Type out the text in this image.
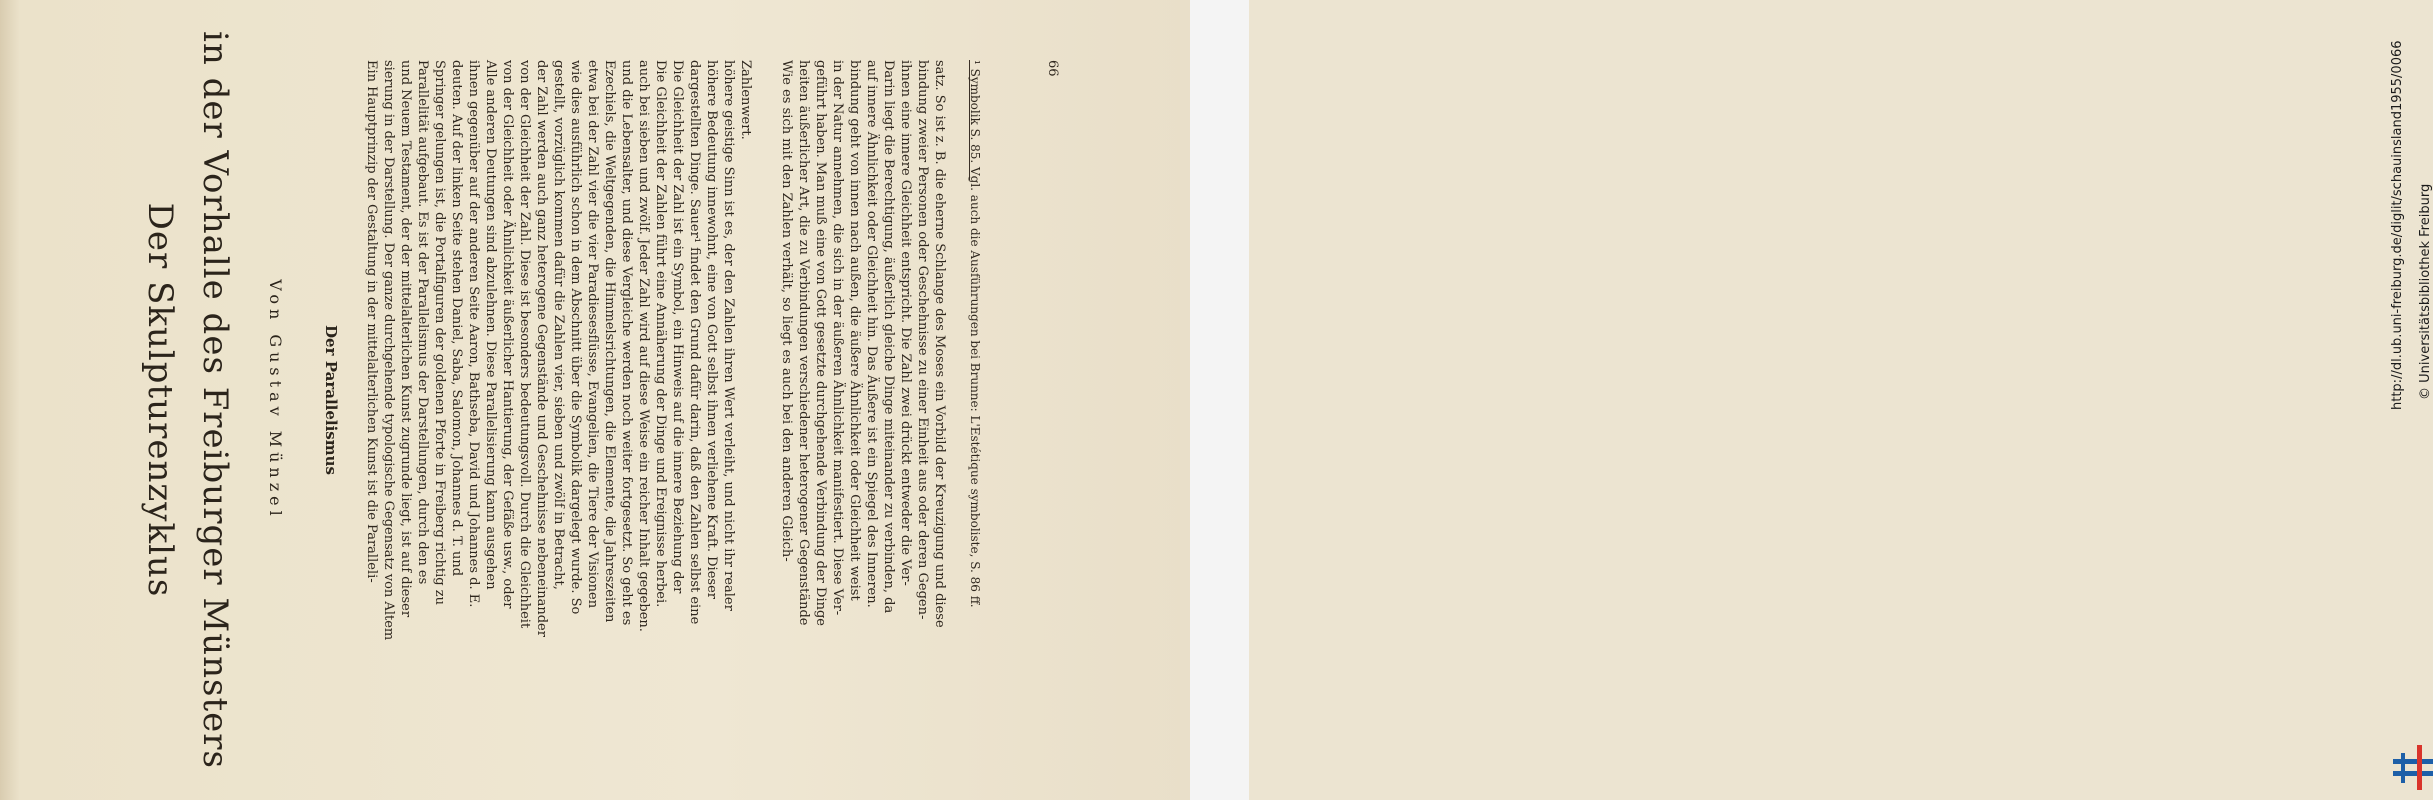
Der Skulpturenzyklus in der Vorhalle des Freiburger Münsters Von Gustav Münzel Der Parallelismus Ein Hauptprinzip der Gestaltung in der mittelalterlichen Kunst ist die Paralleli- sierung in der Darstellung. Der ganze durchgehende typologische Gegensatz von Altem und Neuem Testament, der der mittelalterlichen Kunst zugrunde liegt, ist auf dieser Parallelität aufgebaut. Es ist der Parallelismus der Darstellungen, durch den es Springer gelungen ist, die Portalfiguren der goldenen Pforte in Freiberg richtig zu deuten. Auf der linken Seite stehen Daniel, Saba, Salomon, Johannes d. T. und ihnen gegenüber auf der anderen Seite Aaron, Bathseba, David und Johannes d. E. Alle anderen Deutungen sind abzulehnen. Diese Parallelisierung kann ausgehen von der Gleichheit oder Ähnlichkeit äußerlicher Hantierung, der Gefäße usw., oder von der Gleichheit der Zahl. Diese ist besonders bedeutungsvoll. Durch die Gleichheit der Zahl werden auch ganz heterogene Gegenstände und Geschehnisse nebeneinander gestellt, vorzüglich kommen dafür die Zahlen vier, sieben und zwölf in Betracht, wie dies ausführlich schon in dem Abschnitt über die Symbolik dargelegt wurde. So etwa bei der Zahl vier die vier Paradiesesflüsse, Evangelien, die Tiere der Visionen Ezechiels, die Weltgegenden, die Himmelsrichtungen, die Elemente, die Jahreszeiten und die Lebensalter, und diese Vergleiche werden noch weiter fortgesetzt. So geht es auch bei sieben und zwölf. Jeder Zahl wird auf diese Weise ein reicher Inhalt gegeben. Die Gleichheit der Zahlen führt eine Annäherung der Dinge und Ereignisse herbei. Die Gleichheit der Zahl ist ein Symbol, ein Hinweis auf die innere Beziehung der dargestellten Dinge. Sauer¹ findet den Grund dafür darin, daß den Zahlen selbst eine höhere Bedeutung innewohnt, eine von Gott selbst ihnen verliehene Kraft. Dieser höhere geistige Sinn ist es, der den Zahlen ihren Wert verleiht, und nicht ihr realer Zahlenwert. Wie es sich mit den Zahlen verhält, so liegt es auch bei den anderen Gleich- heiten äußerlicher Art, die zu Verbindungen verschiedener heterogener Gegenstände geführt haben. Man muß eine von Gott gesetzte durchgehende Verbindung der Dinge in der Natur annehmen, die sich in der äußeren Ähnlichkeit manifestiert. Diese Ver- bindung geht von innen nach außen, die äußere Ähnlichkeit oder Gleichheit weist auf innere Ähnlichkeit oder Gleichheit hin. Das Äußere ist ein Spiegel des Inneren. Darin liegt die Berechtigung, äußerlich gleiche Dinge miteinander zu verbinden, da ihnen eine innere Gleichheit entspricht. Die Zahl zwei drückt entweder die Ver- bindung zweier Personen oder Geschehnisse zu einer Einheit aus oder deren Gegen- satz. So ist z. B. die eherne Schlange des Moses ein Vorbild der Kreuzigung und diese ¹ Symbolik S. 85. Vgl. auch die Ausführungen bei Brunne: L'Estétique symboliste, S. 86 ff.	66	http://dl.ub.uni-freiburg.de/diglit/schauinsland1955/0066 © Universitätsbibliothek Freiburg
